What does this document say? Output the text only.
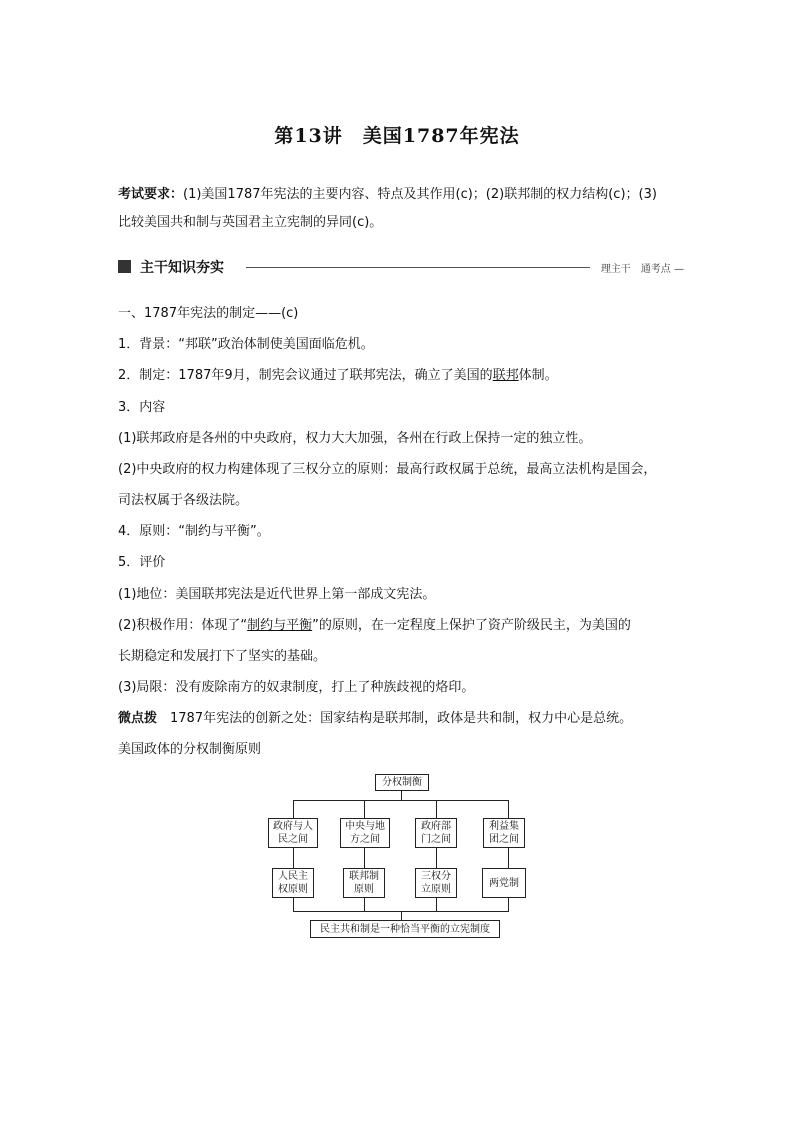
第13讲　美国1787年宪法
考试要求：(1)美国1787年宪法的主要内容、特点及其作用(c)；(2)联邦制的权力结构(c)；(3)
比较美国共和制与英国君主立宪制的异同(c)。
主干知识夯实	理主干　通考点 —
一、1787年宪法的制定——(c)
1．背景：“邦联”政治体制使美国面临危机。
2．制定：1787年9月，制宪会议通过了联邦宪法，确立了美国的联邦体制。
3．内容
(1)联邦政府是各州的中央政府，权力大大加强，各州在行政上保持一定的独立性。
(2)中央政府的权力构建体现了三权分立的原则：最高行政权属于总统，最高立法机构是国会，
司法权属于各级法院。
4．原则：“制约与平衡”。
5．评价
(1)地位：美国联邦宪法是近代世界上第一部成文宪法。
(2)积极作用：体现了“制约与平衡”的原则，在一定程度上保护了资产阶级民主，为美国的
长期稳定和发展打下了坚实的基础。
(3)局限：没有废除南方的奴隶制度，打上了种族歧视的烙印。
微点拨　1787年宪法的创新之处：国家结构是联邦制，政体是共和制，权力中心是总统。
美国政体的分权制衡原则
分权制衡
政府与人
民之间
中央与地
方之间
政府部
门之间
利益集
团之间
人民主
权原则
联邦制
原则
三权分
立原则
两党制
民主共和制是一种恰当平衡的立宪制度
